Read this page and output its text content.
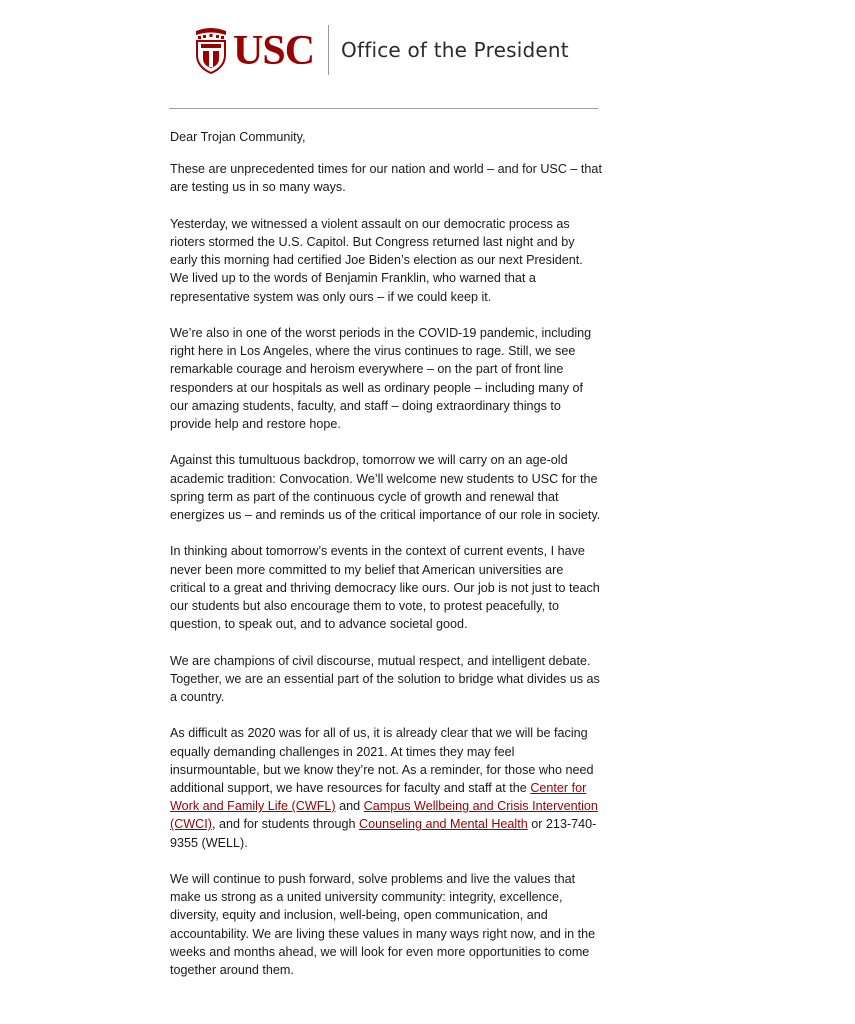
USC Office of the President

Dear Trojan Community,

These are unprecedented times for our nation and world – and for USC – that are testing us in so many ways.

Yesterday, we witnessed a violent assault on our democratic process as rioters stormed the U.S. Capitol. But Congress returned last night and by early this morning had certified Joe Biden’s election as our next President. We lived up to the words of Benjamin Franklin, who warned that a representative system was only ours – if we could keep it.

We’re also in one of the worst periods in the COVID-19 pandemic, including right here in Los Angeles, where the virus continues to rage. Still, we see remarkable courage and heroism everywhere – on the part of front line responders at our hospitals as well as ordinary people – including many of our amazing students, faculty, and staff – doing extraordinary things to provide help and restore hope.

Against this tumultuous backdrop, tomorrow we will carry on an age-old academic tradition: Convocation. We’ll welcome new students to USC for the spring term as part of the continuous cycle of growth and renewal that energizes us – and reminds us of the critical importance of our role in society.

In thinking about tomorrow’s events in the context of current events, I have never been more committed to my belief that American universities are critical to a great and thriving democracy like ours. Our job is not just to teach our students but also encourage them to vote, to protest peacefully, to question, to speak out, and to advance societal good.

We are champions of civil discourse, mutual respect, and intelligent debate. Together, we are an essential part of the solution to bridge what divides us as a country.

As difficult as 2020 was for all of us, it is already clear that we will be facing equally demanding challenges in 2021. At times they may feel insurmountable, but we know they’re not. As a reminder, for those who need additional support, we have resources for faculty and staff at the Center for Work and Family Life (CWFL) and Campus Wellbeing and Crisis Intervention (CWCI), and for students through Counseling and Mental Health or 213-740-9355 (WELL).

We will continue to push forward, solve problems and live the values that make us strong as a united university community: integrity, excellence, diversity, equity and inclusion, well-being, open communication, and accountability. We are living these values in many ways right now, and in the weeks and months ahead, we will look for even more opportunities to come together around them.
